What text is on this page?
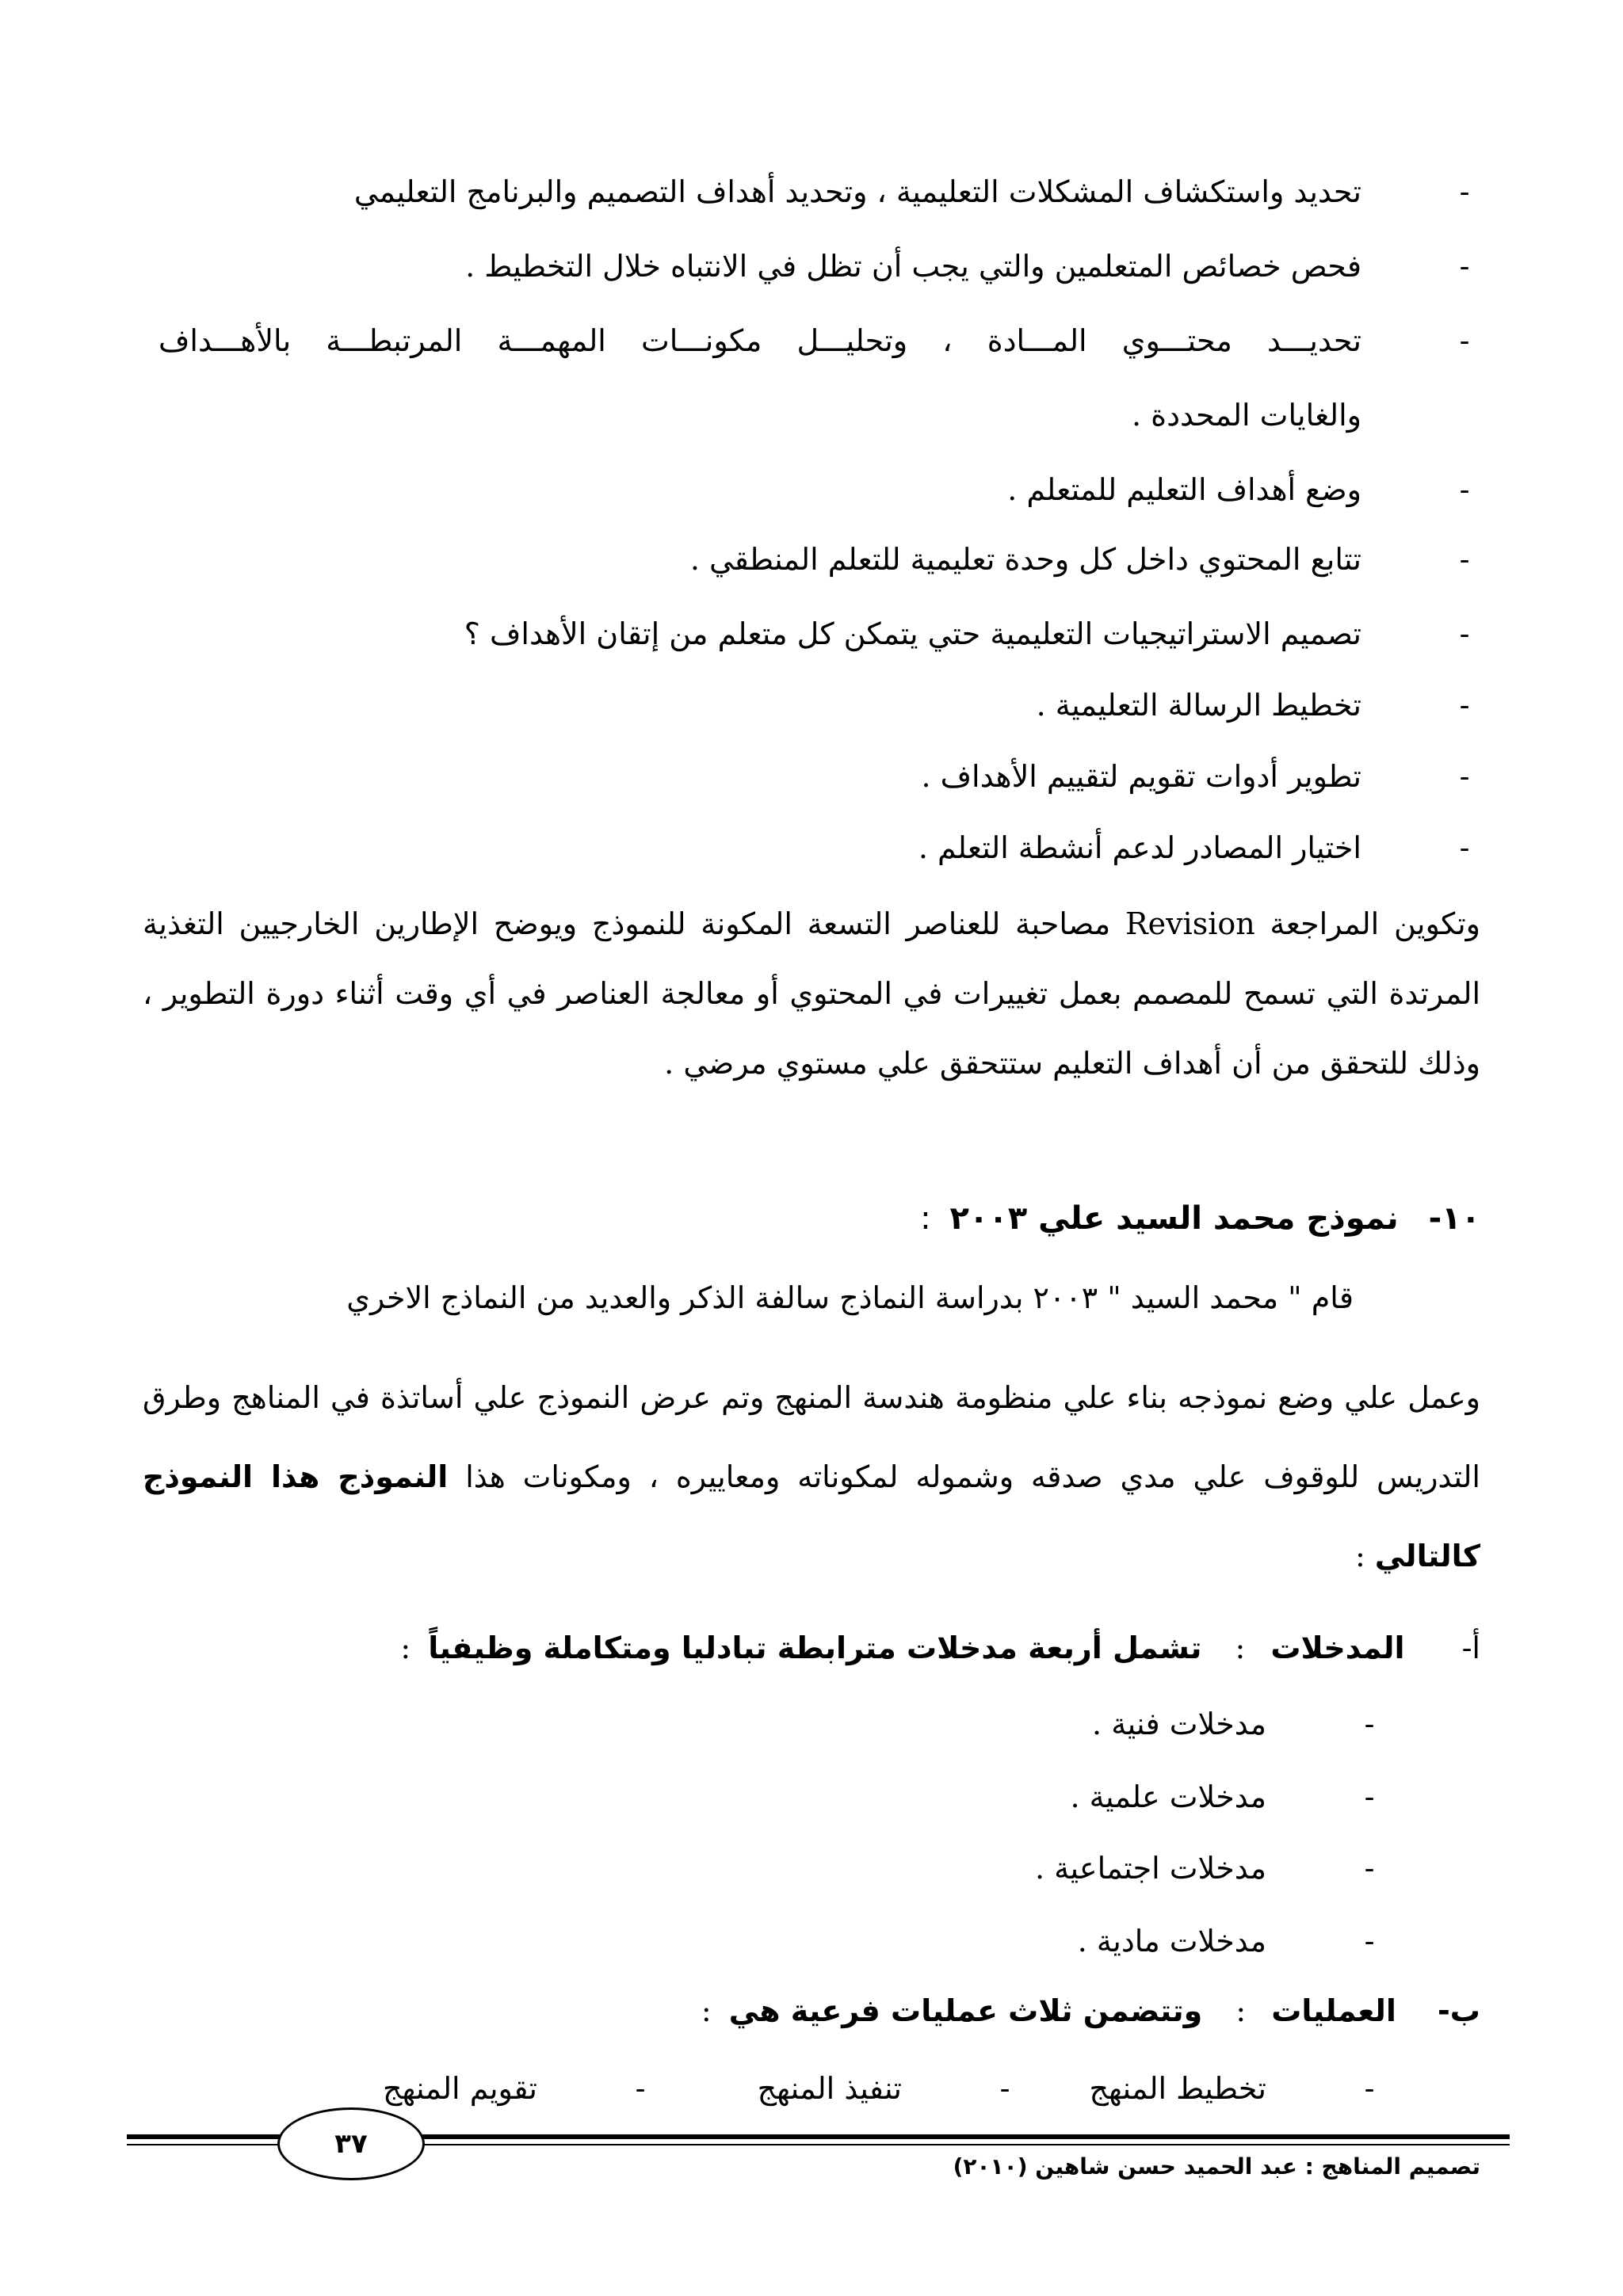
-
تحديد واستكشاف المشكلات التعليمية ، وتحديد أهداف التصميم والبرنامج التعليمي
-
فحص خصائص المتعلمين والتي يجب أن تظل في الانتباه خلال التخطيط .
-
تحديـــد محتـــوي المـــادة ، وتحليـــل مكونـــات المهمـــة المرتبطـــة بالأهـــداف
والغايات المحددة .
-
وضع أهداف التعليم للمتعلم .
-
تتابع المحتوي داخل كل وحدة تعليمية للتعلم المنطقي .
-
تصميم الاستراتيجيات التعليمية حتي يتمكن كل متعلم من إتقان الأهداف ؟
-
تخطيط الرسالة التعليمية .
-
تطوير أدوات تقويم لتقييم الأهداف .
-
اختيار المصادر لدعم أنشطة التعلم .
وتكوين المراجعة Revision مصاحبة للعناصر التسعة المكونة للنموذج ويوضح الإطارين الخارجيين التغذية المرتدة التي تسمح للمصمم بعمل تغييرات في المحتوي أو معالجة العناصر في أي وقت أثناء دورة التطوير ، وذلك للتحقق من أن أهداف التعليم ستتحقق علي مستوي مرضي .
١٠- نموذج محمد السيد علي ٢٠٠٣ :
قام " محمد السيد " ٢٠٠٣ بدراسة النماذج سالفة الذكر والعديد من النماذج الاخري
وعمل علي وضع نموذجه بناء علي منظومة هندسة المنهج وتم عرض النموذج علي أساتذة في المناهج وطرق التدريس للوقوف علي مدي صدقه وشموله لمكوناته ومعاييره ، ومكونات هذا النموذج هذا النموذج كالتالي :
أ- المدخلات : تشمل أربعة مدخلات مترابطة تبادليا ومتكاملة وظيفياً :
-
مدخلات فنية .
-
مدخلات علمية .
-
مدخلات اجتماعية .
-
مدخلات مادية .
ب- العمليات : وتتضمن ثلاث عمليات فرعية هي :
-
تخطيط المنهج
-
تنفيذ المنهج
-
تقويم المنهج
٣٧
تصميم المناهج : عبد الحميد حسن شاهين (٢٠١٠)
